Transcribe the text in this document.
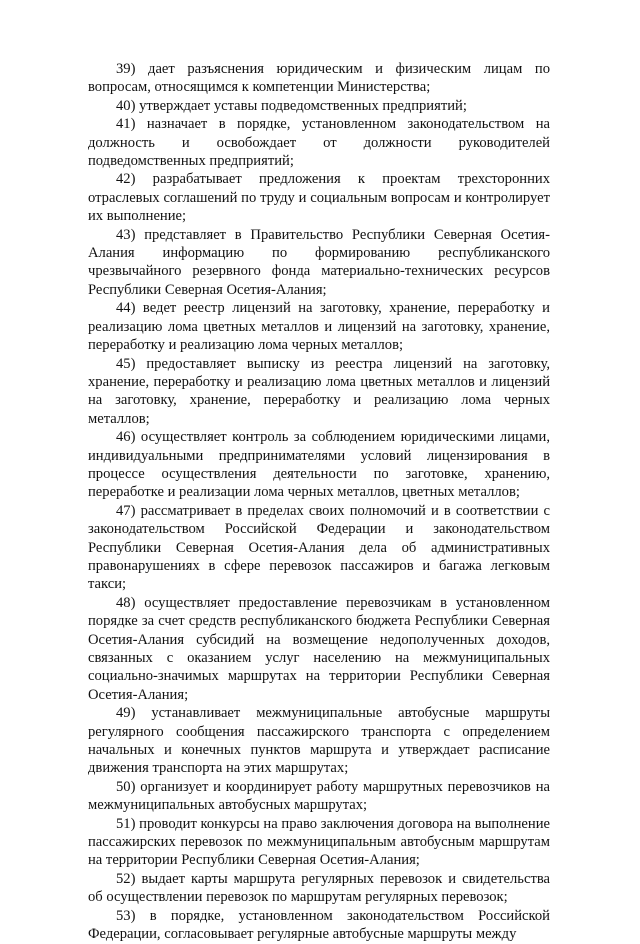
39) дает разъяснения юридическим и физическим лицам по вопросам, относящимся к компетенции Министерства;

40) утверждает уставы подведомственных предприятий;

41) назначает в порядке, установленном законодательством на должность и освобождает от должности руководителей подведомственных предприятий;

42) разрабатывает предложения к проектам трехсторонних отраслевых соглашений по труду и социальным вопросам и контролирует их выполнение;

43) представляет в Правительство Республики Северная Осетия-Алания информацию по формированию республиканского чрезвычайного резервного фонда материально-технических ресурсов Республики Северная Осетия-Алания;

44) ведет реестр лицензий на заготовку, хранение, переработку и реализацию лома цветных металлов и лицензий на заготовку, хранение, переработку и реализацию лома черных металлов;

45) предоставляет выписку из реестра лицензий на заготовку, хранение, переработку и реализацию лома цветных металлов и лицензий на заготовку, хранение, переработку и реализацию лома черных металлов;

46) осуществляет контроль за соблюдением юридическими лицами, индивидуальными предпринимателями условий лицензирования в процессе осуществления деятельности по заготовке, хранению, переработке и реализации лома черных металлов, цветных металлов;

47) рассматривает в пределах своих полномочий и в соответствии с законодательством Российской Федерации и законодательством Республики Северная Осетия-Алания дела об административных правонарушениях в сфере перевозок пассажиров и багажа легковым такси;

48) осуществляет предоставление перевозчикам в установленном порядке за счет средств республиканского бюджета Республики Северная Осетия-Алания субсидий на возмещение недополученных доходов, связанных с оказанием услуг населению на межмуниципальных социально-значимых маршрутах на территории Республики Северная Осетия-Алания;

49) устанавливает межмуниципальные автобусные маршруты регулярного сообщения пассажирского транспорта с определением начальных и конечных пунктов маршрута и утверждает расписание движения транспорта на этих маршрутах;

50) организует и координирует работу маршрутных перевозчиков на межмуниципальных автобусных маршрутах;

51) проводит конкурсы на право заключения договора на выполнение пассажирских перевозок по межмуниципальным автобусным маршрутам на территории Республики Северная Осетия-Алания;

52) выдает карты маршрута регулярных перевозок и свидетельства об осуществлении перевозок по маршрутам регулярных перевозок;

53) в порядке, установленном законодательством Российской Федерации, согласовывает регулярные автобусные маршруты между
